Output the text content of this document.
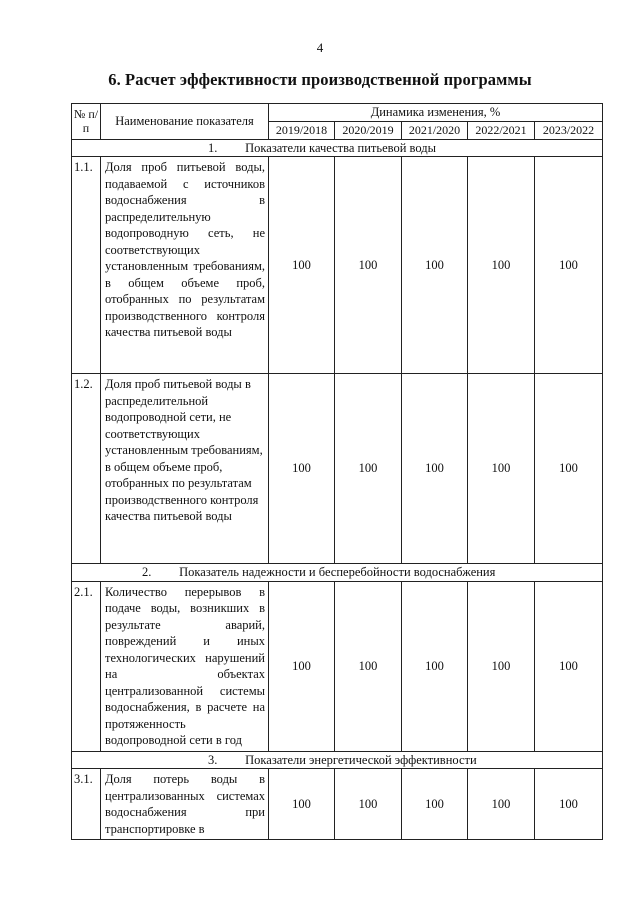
4
6. Расчет эффективности производственной программы
№ п/п	Наименование показателя	Динамика изменения, %				
		2019/2018	2020/2019	2021/2020	2022/2021	2023/2022
1. Показатели качества питьевой воды						
1.1.	Доля проб питьевой воды, подаваемой с источников водоснабжения в распределительную водопроводную сеть, не соответствующих установленным требованиям, в общем объеме проб, отобранных по результатам производственного контроля качества питьевой воды	100	100	100	100	100
1.2.	Доля проб питьевой воды в распределительной водопроводной сети, не соответствующих установленным требованиям, в общем объеме проб, отобранных по результатам производственного контроля качества питьевой воды	100	100	100	100	100
2. Показатель надежности и бесперебойности водоснабжения						
2.1.	Количество перерывов в подаче воды, возникших в результате аварий, повреждений и иных технологических нарушений на объектах централизованной системы водоснабжения, в расчете на протяженность водопроводной сети в год	100	100	100	100	100
3. Показатели энергетической эффективности						
3.1.	Доля потерь воды в централизованных системах водоснабжения при транспортировке в	100	100	100	100	100
